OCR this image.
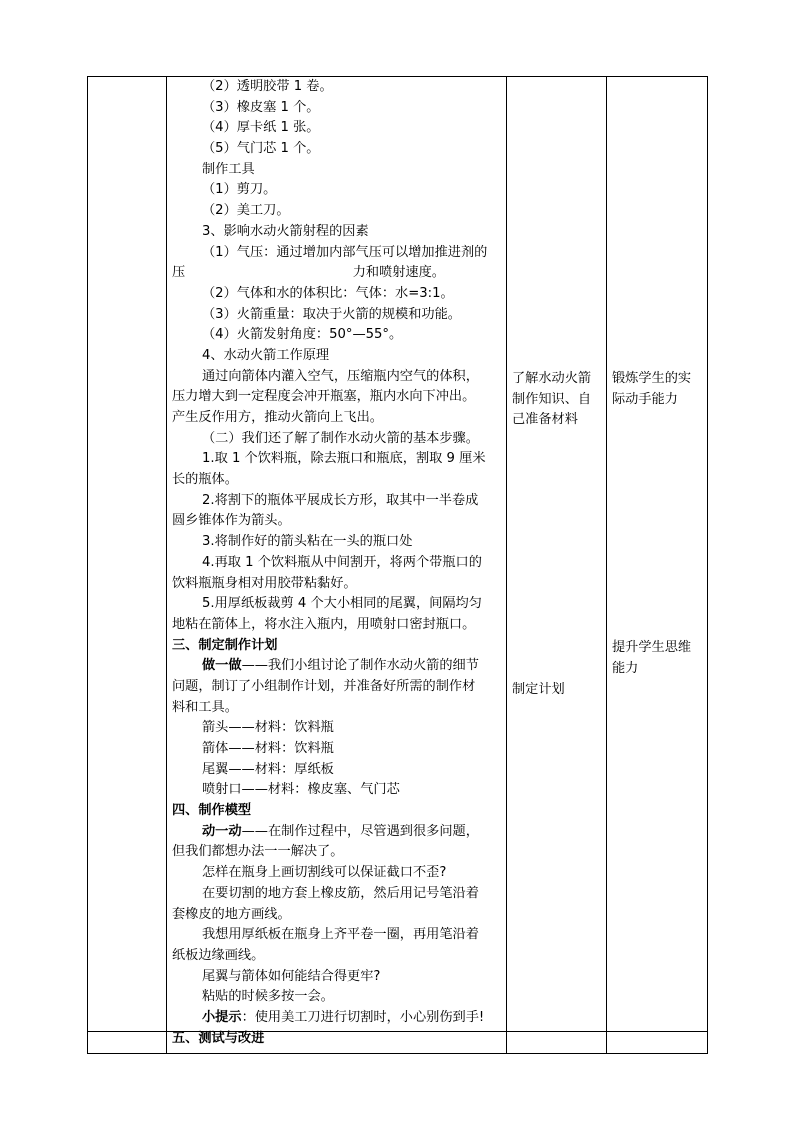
（2）透明胶带 1 卷。
（3）橡皮塞 1 个。
（4）厚卡纸 1 张。
（5）气门芯 1 个。
制作工具
（1）剪刀。
（2）美工刀。
3、影响水动火箭射程的因素
（1）气压：通过增加内部气压可以增加推进剂的
压	力和喷射速度。
（2）气体和水的体积比：气体：水=3:1。
（3）火箭重量：取决于火箭的规模和功能。
（4）火箭发射角度：50°—55°。
4、水动火箭工作原理
通过向箭体内灌入空气，压缩瓶内空气的体积，
压力增大到一定程度会冲开瓶塞，瓶内水向下冲出。
产生反作用方，推动火箭向上飞出。
（二）我们还了解了制作水动火箭的基本步骤。
1.取 1 个饮料瓶，除去瓶口和瓶底，割取 9 厘米
长的瓶体。
2.将割下的瓶体平展成长方形，取其中一半卷成
圆乡锥体作为箭头。
3.将制作好的箭头粘在一头的瓶口处
4.再取 1 个饮料瓶从中间割开，将两个带瓶口的
饮料瓶瓶身相对用胶带粘黏好。
5.用厚纸板裁剪 4 个大小相同的尾翼，间隔均匀
地粘在箭体上，将水注入瓶内，用喷射口密封瓶口。
三、制定制作计划
做一做——我们小组讨论了制作水动火箭的细节
问题，制订了小组制作计划，并准备好所需的制作材
料和工具。
箭头——材料：饮料瓶
箭体——材料：饮料瓶
尾翼——材料：厚纸板
喷射口——材料：橡皮塞、气门芯
四、制作模型
动一动——在制作过程中，尽管遇到很多问题，
但我们都想办法一一解决了。
怎样在瓶身上画切割线可以保证截口不歪?
在要切割的地方套上橡皮筋，然后用记号笔沿着
套橡皮的地方画线。
我想用厚纸板在瓶身上齐平卷一圈，再用笔沿着
纸板边缘画线。
尾翼与箭体如何能结合得更牢?
粘贴的时候多按一会。
小提示：使用美工刀进行切割时，小心别伤到手!
五、测试与改进
了解水动火箭
制作知识、自
己准备材料
制定计划
锻炼学生的实
际动手能力
提升学生思维
能力
